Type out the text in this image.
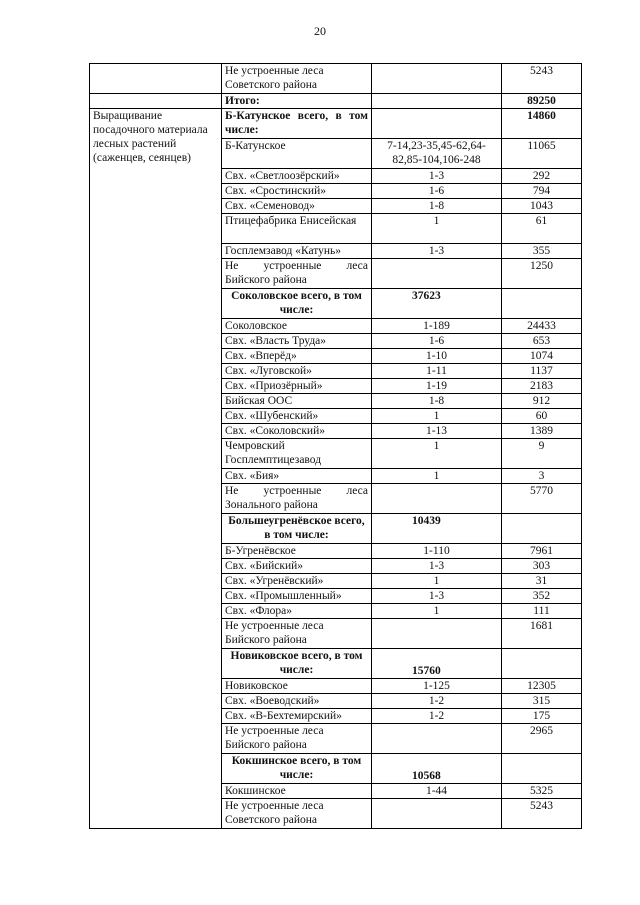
20
	Не устроенные леса Советского района		5243
	Итого:		89250
Выращивание посадочного материала лесных растений (саженцев, сеянцев)	Б-Катунское всего, в том числе:		14860
	Б-Катунское	7-14,23-35,45-62,64-82,85-104,106-248	11065
	Свх. «Светлоозёрский»	1-3	292
	Свх. «Сростинский»	1-6	794
	Свх. «Семеновод»	1-8	1043
	Птицефабрика Енисейская	1	61
	Госплемзавод «Катунь»	1-3	355
	Не устроенные леса Бийского района		1250
	Соколовское всего, в том числе:	37623	
	Соколовское	1-189	24433
	Свх. «Власть Труда»	1-6	653
	Свх. «Вперёд»	1-10	1074
	Свх. «Луговской»	1-11	1137
	Свх. «Приозёрный»	1-19	2183
	Бийская ООС	1-8	912
	Свх. «Шубенский»	1	60
	Свх. «Соколовский»	1-13	1389
	Чемровский Госплемптицезавод	1	9
	Свх. «Бия»	1	3
	Не устроенные леса Зонального района		5770
	Большеугренёвское всего, в том числе:	10439	
	Б-Угренёвское	1-110	7961
	Свх. «Бийский»	1-3	303
	Свх. «Угренёвский»	1	31
	Свх. «Промышленный»	1-3	352
	Свх. «Флора»	1	111
	Не устроенные леса Бийского района		1681
	Новиковское всего, в том числе:	15760	
	Новиковское	1-125	12305
	Свх. «Воеводский»	1-2	315
	Свх. «В-Бехтемирский»	1-2	175
	Не устроенные леса Бийского района		2965
	Кокшинское всего, в том числе:	10568	
	Кокшинское	1-44	5325
	Не устроенные леса Советского района		5243
